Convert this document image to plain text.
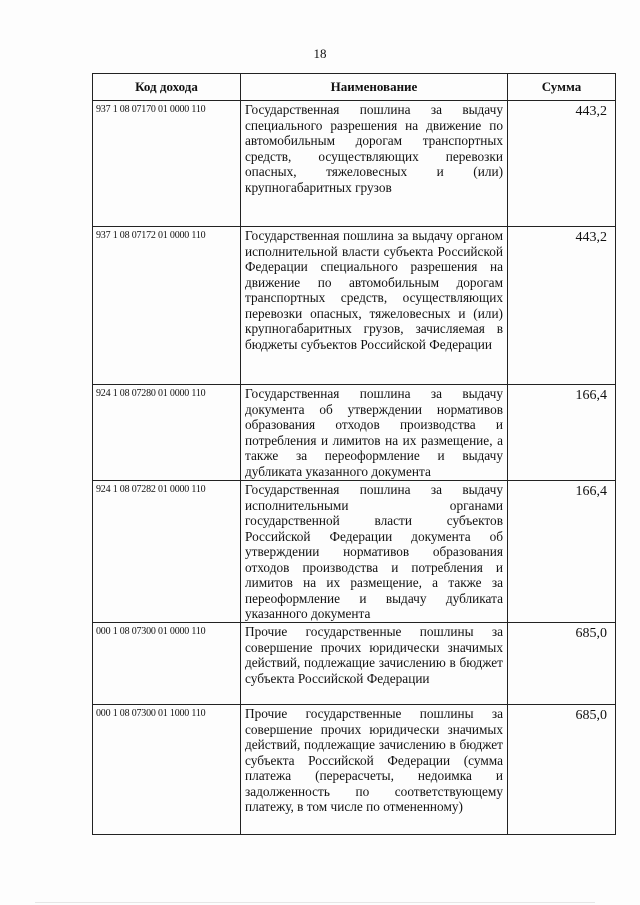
18
Код дохода	Наименование	Сумма
937 1 08 07170 01 0000 110	Государственная пошлина за выдачу специального разрешения на движение по автомобильным дорогам транспортных средств, осуществляющих перевозки опасных, тяжеловесных и (или) крупногабаритных грузов	443,2
937 1 08 07172 01 0000 110	Государственная пошлина за выдачу органом исполнительной власти субъекта Российской Федерации специального разрешения на движение по автомобильным дорогам транспортных средств, осуществляющих перевозки опасных, тяжеловесных и (или) крупногабаритных грузов, зачисляемая в бюджеты субъектов Российской Федерации	443,2
924 1 08 07280 01 0000 110	Государственная пошлина за выдачу документа об утверждении нормативов образования отходов производства и потребления и лимитов на их размещение, а также за переоформление и выдачу дубликата указанного документа	166,4
924 1 08 07282 01 0000 110	Государственная пошлина за выдачу исполнительными органами государственной власти субъектов Российской Федерации документа об утверждении нормативов образования отходов производства и потребления и лимитов на их размещение, а также за переоформление и выдачу дубликата указанного документа	166,4
000 1 08 07300 01 0000 110	Прочие государственные пошлины за совершение прочих юридически значимых действий, подлежащие зачислению в бюджет субъекта Российской Федерации	685,0
000 1 08 07300 01 1000 110	Прочие государственные пошлины за совершение прочих юридически значимых действий, подлежащие зачислению в бюджет субъекта Российской Федерации (сумма платежа (перерасчеты, недоимка и задолженность по соответствующему платежу, в том числе по отмененному)	685,0
